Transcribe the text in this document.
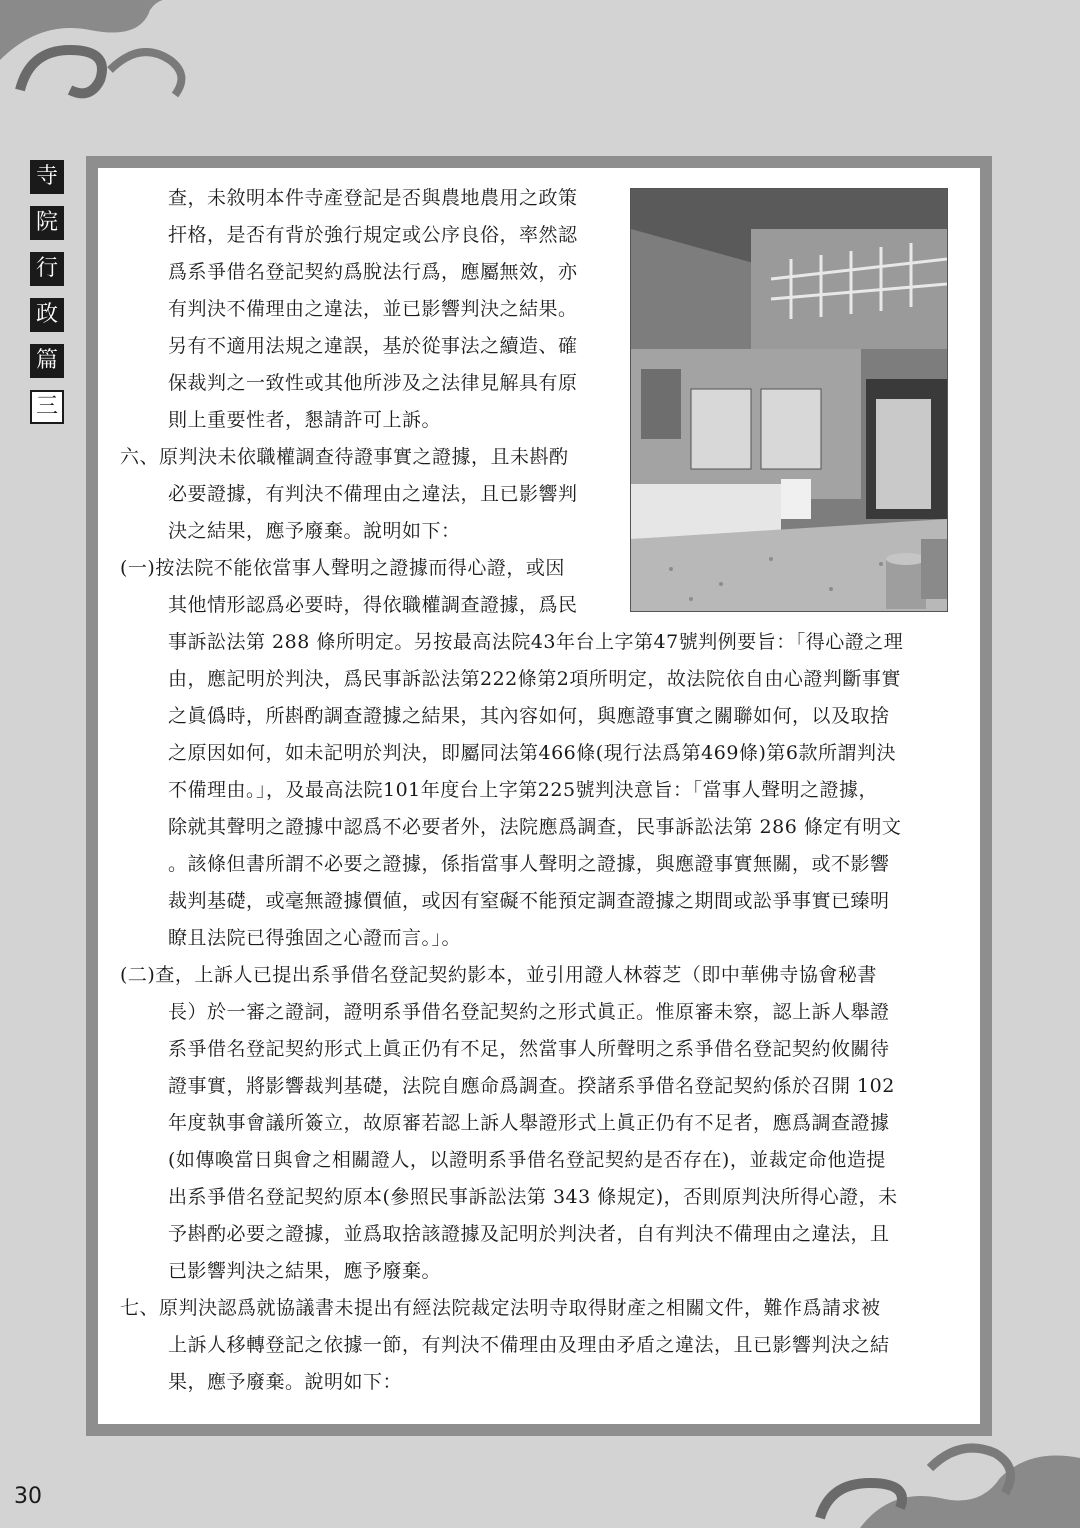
寺
院
行
政
篇
三
查，未敘明本件寺產登記是否與農地農用之政策
扞格，是否有背於強行規定或公序良俗，率然認
爲系爭借名登記契約爲脫法行爲，應屬無效，亦
有判決不備理由之違法，並已影響判決之結果。
另有不適用法規之違誤，基於從事法之續造、確
保裁判之一致性或其他所涉及之法律見解具有原
則上重要性者，懇請許可上訴。
六、原判決未依職權調查待證事實之證據，且未斟酌
必要證據，有判決不備理由之違法，且已影響判
決之結果，應予廢棄。說明如下：
(一)按法院不能依當事人聲明之證據而得心證，或因
其他情形認爲必要時，得依職權調查證據，爲民
事訴訟法第 288 條所明定。另按最高法院43年台上字第47號判例要旨：「得心證之理
由，應記明於判決，爲民事訴訟法第222條第2項所明定，故法院依自由心證判斷事實
之眞僞時，所斟酌調查證據之結果，其內容如何，與應證事實之關聯如何，以及取捨
之原因如何，如未記明於判決，即屬同法第466條(現行法爲第469條)第6款所謂判決
不備理由。」，及最高法院101年度台上字第225號判決意旨：「當事人聲明之證據，
除就其聲明之證據中認爲不必要者外，法院應爲調查，民事訴訟法第 286 條定有明文
。該條但書所謂不必要之證據，係指當事人聲明之證據，與應證事實無關，或不影響
裁判基礎，或毫無證據價値，或因有窒礙不能預定調查證據之期間或訟爭事實已臻明
瞭且法院已得強固之心證而言。」。
(二)查，上訴人已提出系爭借名登記契約影本，並引用證人林蓉芝（即中華佛寺協會秘書
長）於一審之證詞，證明系爭借名登記契約之形式眞正。惟原審未察，認上訴人舉證
系爭借名登記契約形式上眞正仍有不足，然當事人所聲明之系爭借名登記契約攸關待
證事實，將影響裁判基礎，法院自應命爲調查。揆諸系爭借名登記契約係於召開 102
年度執事會議所簽立，故原審若認上訴人舉證形式上眞正仍有不足者，應爲調查證據
(如傳喚當日與會之相關證人，以證明系爭借名登記契約是否存在)，並裁定命他造提
出系爭借名登記契約原本(參照民事訴訟法第 343 條規定)，否則原判決所得心證，未
予斟酌必要之證據，並爲取捨該證據及記明於判決者，自有判決不備理由之違法，且
已影響判決之結果，應予廢棄。
七、原判決認爲就協議書未提出有經法院裁定法明寺取得財產之相關文件，難作爲請求被
上訴人移轉登記之依據一節，有判決不備理由及理由矛盾之違法，且已影響判決之結
果，應予廢棄。說明如下：
30
